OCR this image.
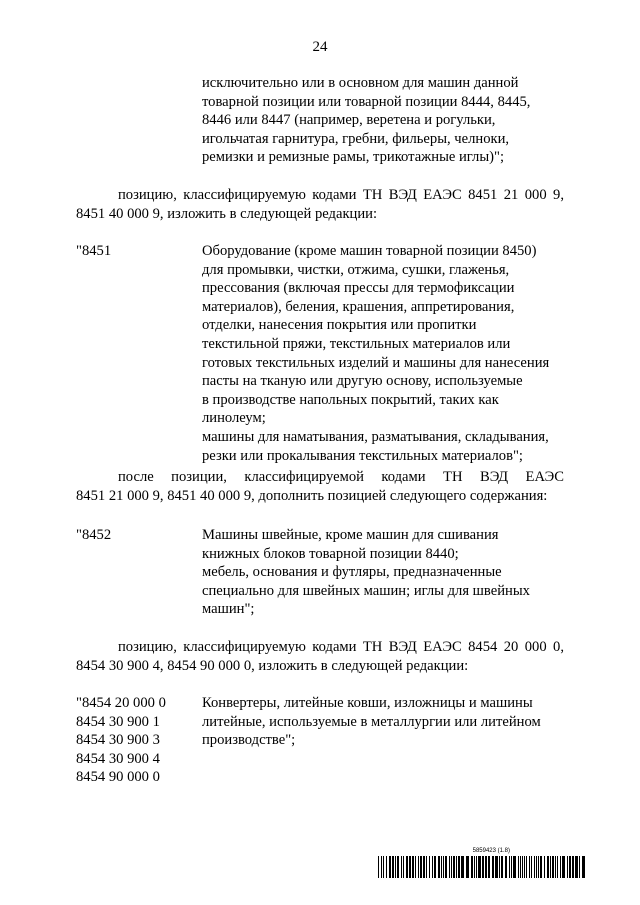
24
исключительно или в основном для машин данной
товарной позиции или товарной позиции 8444, 8445,
8446 или 8447 (например, веретена и рогульки,
игольчатая гарнитура, гребни, фильеры, челноки,
ремизки и ремизные рамы, трикотажные иглы)";
позицию, классифицируемую кодами ТН ВЭД ЕАЭС 8451 21 000 9,
8451 40 000 9, изложить в следующей редакции:
"8451	Оборудование (кроме машин товарной позиции 8450)
для промывки, чистки, отжима, сушки, глаженья,
прессования (включая прессы для термофиксации
материалов), беления, крашения, аппретирования,
отделки, нанесения покрытия или пропитки
текстильной пряжи, текстильных материалов или
готовых текстильных изделий и машины для нанесения
пасты на тканую или другую основу, используемые
в производстве напольных покрытий, таких как
линолеум;
машины для наматывания, разматывания, складывания,
резки или прокалывания текстильных материалов";
после позиции, классифицируемой кодами ТН ВЭД ЕАЭС
8451 21 000 9, 8451 40 000 9, дополнить позицией следующего содержания:
"8452	Машины швейные, кроме машин для сшивания
книжных блоков товарной позиции 8440;
мебель, основания и футляры, предназначенные
специально для швейных машин; иглы для швейных
машин";
позицию, классифицируемую кодами ТН ВЭД ЕАЭС 8454 20 000 0,
8454 30 900 4, 8454 90 000 0, изложить в следующей редакции:
"8454 20 000 0
8454 30 900 1
8454 30 900 3
8454 30 900 4
8454 90 000 0
Конвертеры, литейные ковши, изложницы и машины
литейные, используемые в металлургии или литейном
производстве";
5859423 (1.8)
